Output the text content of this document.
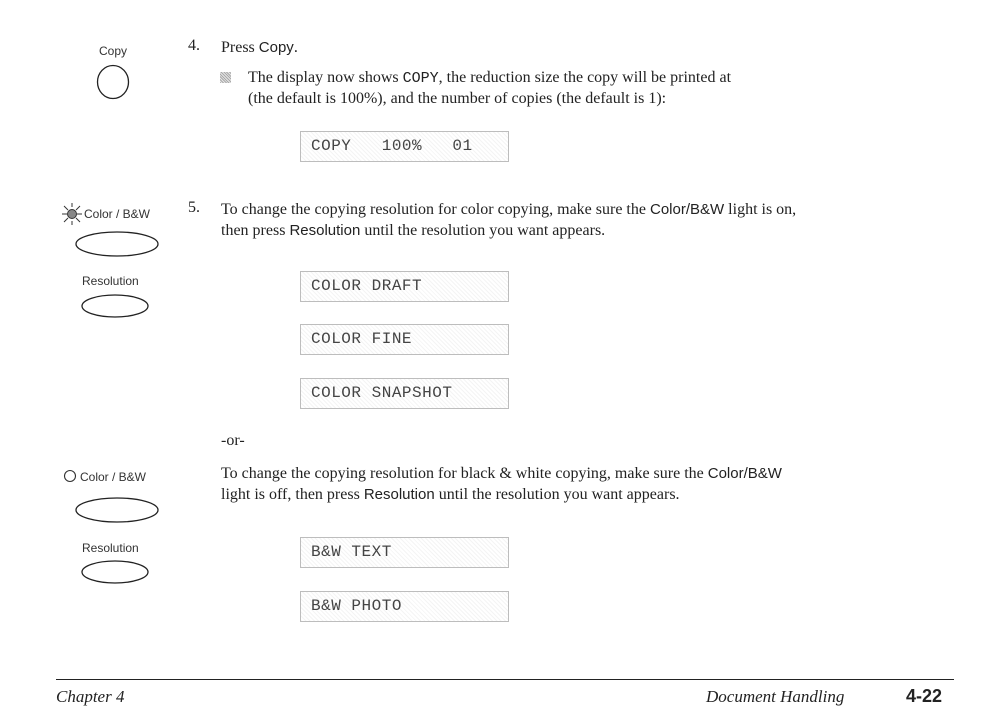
Copy
Color / B&W
Resolution
Color / B&W
Resolution
4. Press Copy.
The display now shows COPY, the reduction size the copy will be printed at
(the default is 100%), and the number of copies (the default is 1):
COPY   100%   01
5. To change the copying resolution for color copying, make sure the Color/B&W light is on,
then press Resolution until the resolution you want appears.
COLOR DRAFT
COLOR FINE
COLOR SNAPSHOT
-or-
To change the copying resolution for black & white copying, make sure the Color/B&W
light is off, then press Resolution until the resolution you want appears.
B&W TEXT
B&W PHOTO
Chapter 4	Document Handling	4-22
